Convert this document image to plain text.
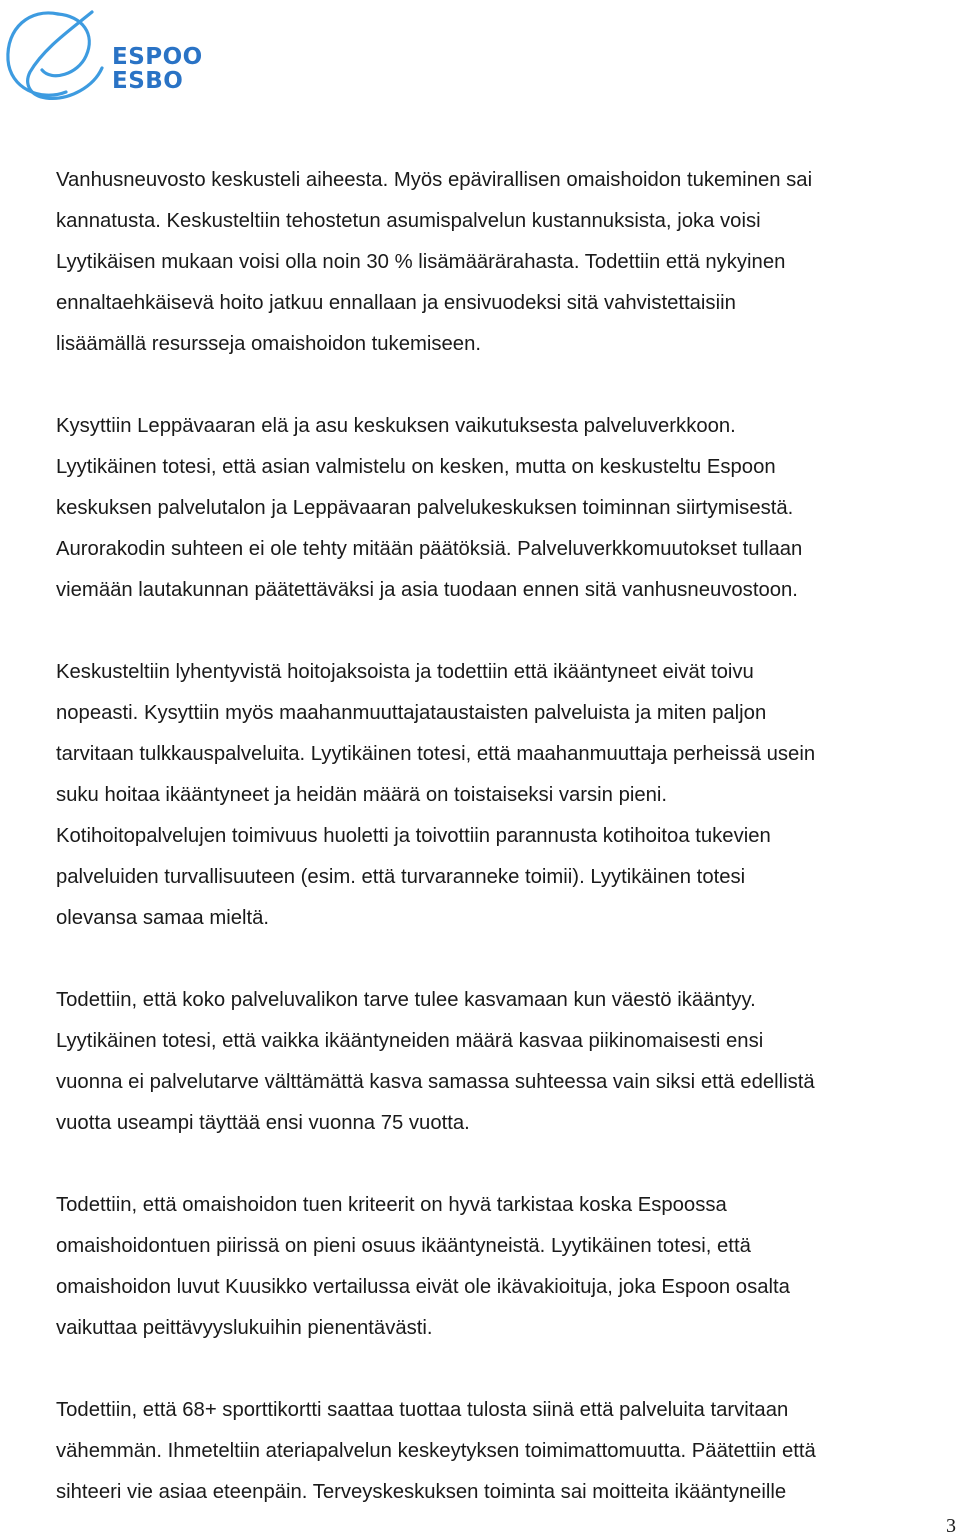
ESPOO
ESBO

Vanhusneuvosto keskusteli aiheesta. Myös epävirallisen omaishoidon tukeminen sai
kannatusta. Keskusteltiin tehostetun asumispalvelun kustannuksista, joka voisi
Lyytikäisen mukaan voisi olla noin 30 % lisämäärärahasta. Todettiin että nykyinen
ennaltaehkäisevä hoito jatkuu ennallaan ja ensivuodeksi sitä vahvistettaisiin
lisäämällä resursseja omaishoidon tukemiseen.

Kysyttiin Leppävaaran elä ja asu keskuksen vaikutuksesta palveluverkkoon.
Lyytikäinen totesi, että asian valmistelu on kesken, mutta on keskusteltu Espoon
keskuksen palvelutalon ja Leppävaaran palvelukeskuksen toiminnan siirtymisestä.
Aurorakodin suhteen ei ole tehty mitään päätöksiä. Palveluverkkomuutokset tullaan
viemään lautakunnan päätettäväksi ja asia tuodaan ennen sitä vanhusneuvostoon.

Keskusteltiin lyhentyvistä hoitojaksoista ja todettiin että ikääntyneet eivät toivu
nopeasti. Kysyttiin myös maahanmuuttajataustaisten palveluista ja miten paljon
tarvitaan tulkkauspalveluita. Lyytikäinen totesi, että maahanmuuttaja perheissä usein
suku hoitaa ikääntyneet ja heidän määrä on toistaiseksi varsin pieni.
Kotihoitopalvelujen toimivuus huoletti ja toivottiin parannusta kotihoitoa tukevien
palveluiden turvallisuuteen (esim. että turvaranneke toimii). Lyytikäinen totesi
olevansa samaa mieltä.

Todettiin, että koko palveluvalikon tarve tulee kasvamaan kun väestö ikääntyy.
Lyytikäinen totesi, että vaikka ikääntyneiden määrä kasvaa piikinomaisesti ensi
vuonna ei palvelutarve välttämättä kasva samassa suhteessa vain siksi että edellistä
vuotta useampi täyttää ensi vuonna 75 vuotta.

Todettiin, että omaishoidon tuen kriteerit on hyvä tarkistaa koska Espoossa
omaishoidontuen piirissä on pieni osuus ikääntyneistä. Lyytikäinen totesi, että
omaishoidon luvut Kuusikko vertailussa eivät ole ikävakioituja, joka Espoon osalta
vaikuttaa peittävyyslukuihin pienentävästi.

Todettiin, että 68+ sporttikortti saattaa tuottaa tulosta siinä että palveluita tarvitaan
vähemmän. Ihmeteltiin ateriapalvelun keskeytyksen toimimattomuutta. Päätettiin että
sihteeri vie asiaa eteenpäin. Terveyskeskuksen toiminta sai moitteita ikääntyneille

3
